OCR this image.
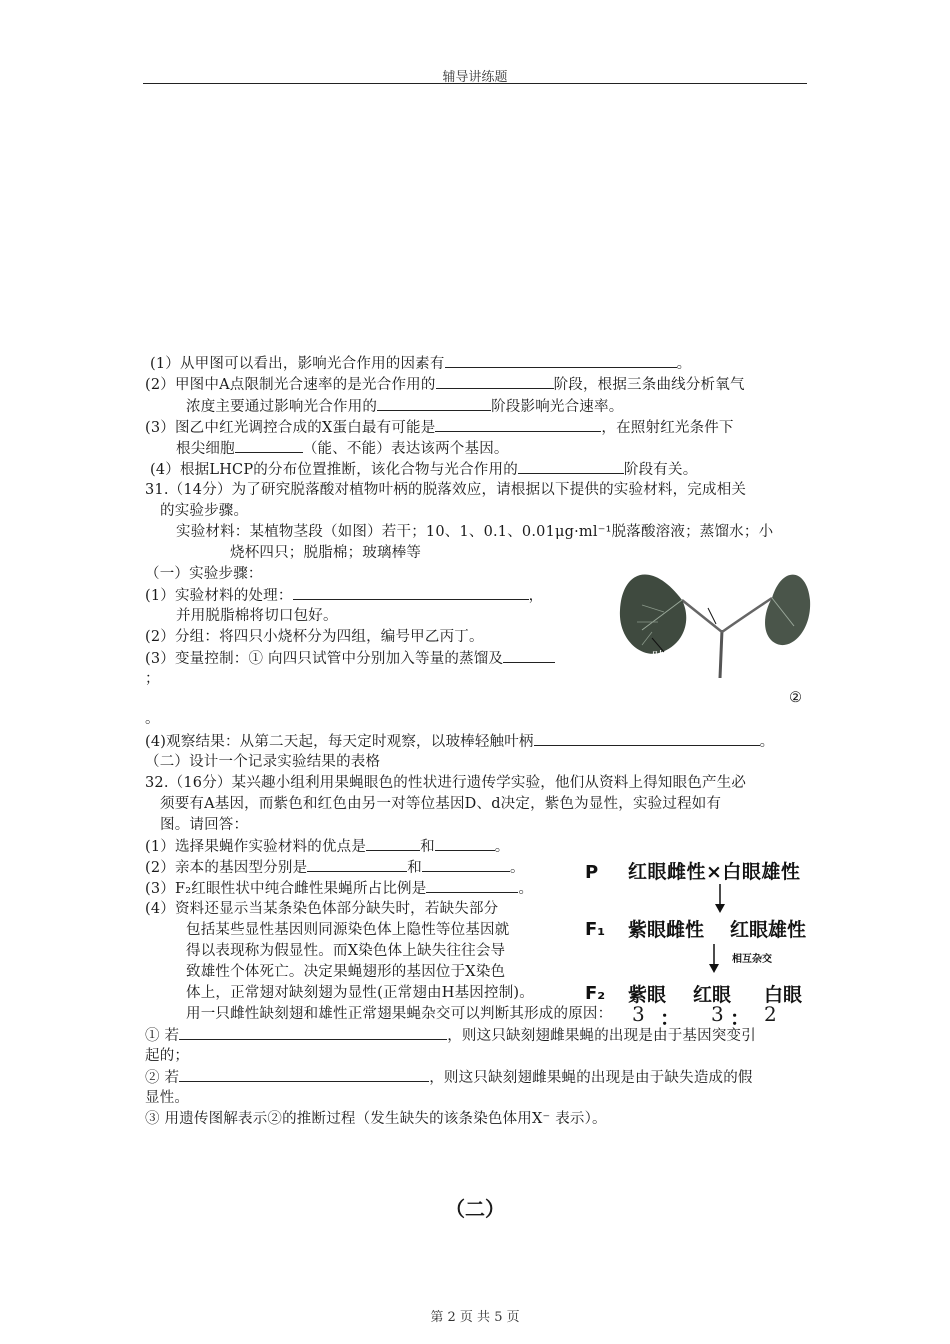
辅导讲练题
(1）从甲图可以看出，影响光合作用的因素有	。
(2）甲图中A点限制光合速率的是光合作用的	阶段，根据三条曲线分析氧气
浓度主要通过影响光合作用的	阶段影响光合速率。
(3）图乙中红光调控合成的X蛋白最有可能是	，在照射红光条件下
根尖细胞	（能、不能）表达该两个基因。
(4）根据LHCP的分布位置推断，该化合物与光合作用的	阶段有关。
31.（14分）为了研究脱落酸对植物叶柄的脱落效应，请根据以下提供的实验材料，完成相关
的实验步骤。
实验材料：某植物茎段（如图）若干；10、1、0.1、0.01μg·ml⁻¹脱落酸溶液；蒸馏水；小
烧杯四只；脱脂棉；玻璃棒等
（一）实验步骤：
(1）实验材料的处理：	，
并用脱脂棉将切口包好。
(2）分组：将四只小烧杯分为四组，编号甲乙丙丁。
(3）变量控制：① 向四只试管中分别加入等量的蒸馏及
；
②
。
(4)观察结果：从第二天起，每天定时观察，以玻棒轻触叶柄	。
（二）设计一个记录实验结果的表格
叶柄
叶片
32.（16分）某兴趣小组利用果蝇眼色的性状进行遗传学实验，他们从资料上得知眼色产生必
须要有A基因，而紫色和红色由另一对等位基因D、d决定，紫色为显性，实验过程如有
图。请回答：
(1）选择果蝇作实验材料的优点是	和	。
(2）亲本的基因型分别是	和	。
(3）F₂红眼性状中纯合雌性果蝇所占比例是	。
(4）资料还显示当某条染色体部分缺失时，若缺失部分
包括某些显性基因则同源染色体上隐性等位基因就
得以表现称为假显性。而X染色体上缺失往往会导
致雄性个体死亡。决定果蝇翅形的基因位于X染色
体上，正常翅对缺刻翅为显性(正常翅由H基因控制)。
用一只雌性缺刻翅和雄性正常翅果蝇杂交可以判断其形成的原因：
① 若	，则这只缺刻翅雌果蝇的出现是由于基因突变引
起的；
② 若	，则这只缺刻翅雌果蝇的出现是由于缺失造成的假
显性。
③ 用遗传图解表示②的推断过程（发生缺失的该条染色体用X⁻ 表示）。
P 红眼雌性×白眼雄性
F₁ 紫眼雌性 红眼雄性
相互杂交
F₂ 紫眼 红眼 白眼
3 ： 3 ： 2
（二）
第 2 页 共 5 页
